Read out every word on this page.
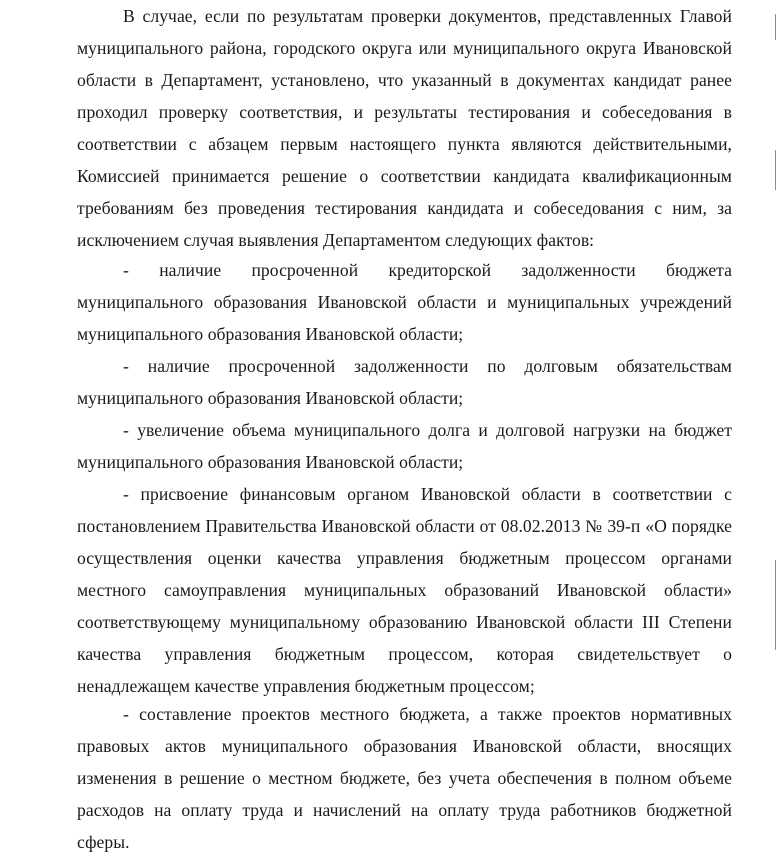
В случае, если по результатам проверки документов, представленных Главой муниципального района, городского округа или муниципального округа Ивановской области в Департамент, установлено, что указанный в документах кандидат ранее проходил проверку соответствия, и результаты тестирования и собеседования в соответствии с абзацем первым настоящего пункта являются действительными, Комиссией принимается решение о соответствии кандидата квалификационным требованиям без проведения тестирования кандидата и собеседования с ним, за исключением случая выявления Департаментом следующих фактов:

- наличие просроченной кредиторской задолженности бюджета муниципального образования Ивановской области и муниципальных учреждений муниципального образования Ивановской области;

- наличие просроченной задолженности по долговым обязательствам муниципального образования Ивановской области;

- увеличение объема муниципального долга и долговой нагрузки на бюджет муниципального образования Ивановской области;

- присвоение финансовым органом Ивановской области в соответствии с постановлением Правительства Ивановской области от 08.02.2013 № 39-п «О порядке осуществления оценки качества управления бюджетным процессом органами местного самоуправления муниципальных образований Ивановской области» соответствующему муниципальному образованию Ивановской области III Степени качества управления бюджетным процессом, которая свидетельствует о ненадлежащем качестве управления бюджетным процессом;

- составление проектов местного бюджета, а также проектов нормативных правовых актов муниципального образования Ивановской области, вносящих изменения в решение о местном бюджете, без учета обеспечения в полном объеме расходов на оплату труда и начислений на оплату труда работников бюджетной сферы.
